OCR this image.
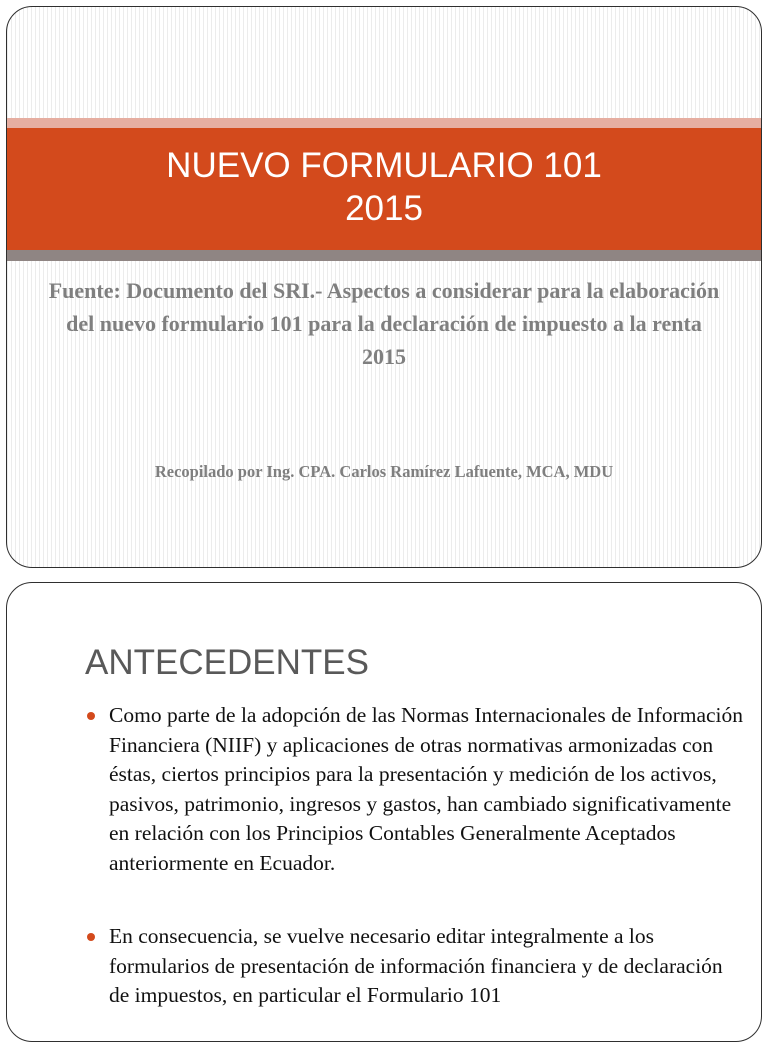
NUEVO FORMULARIO 101
2015
Fuente: Documento del SRI.- Aspectos a considerar para la elaboración del nuevo formulario 101 para la declaración de impuesto a la renta 2015
Recopilado por Ing. CPA. Carlos Ramírez Lafuente, MCA, MDU
ANTECEDENTES
Como parte de la adopción de las Normas Internacionales de Información Financiera (NIIF) y aplicaciones de otras normativas armonizadas con éstas, ciertos principios para la presentación y medición de los activos, pasivos, patrimonio, ingresos y gastos, han cambiado significativamente en relación con los Principios Contables Generalmente Aceptados anteriormente en Ecuador.
En consecuencia, se vuelve necesario editar integralmente a los formularios de presentación de información financiera y de declaración de impuestos, en particular el Formulario 101
